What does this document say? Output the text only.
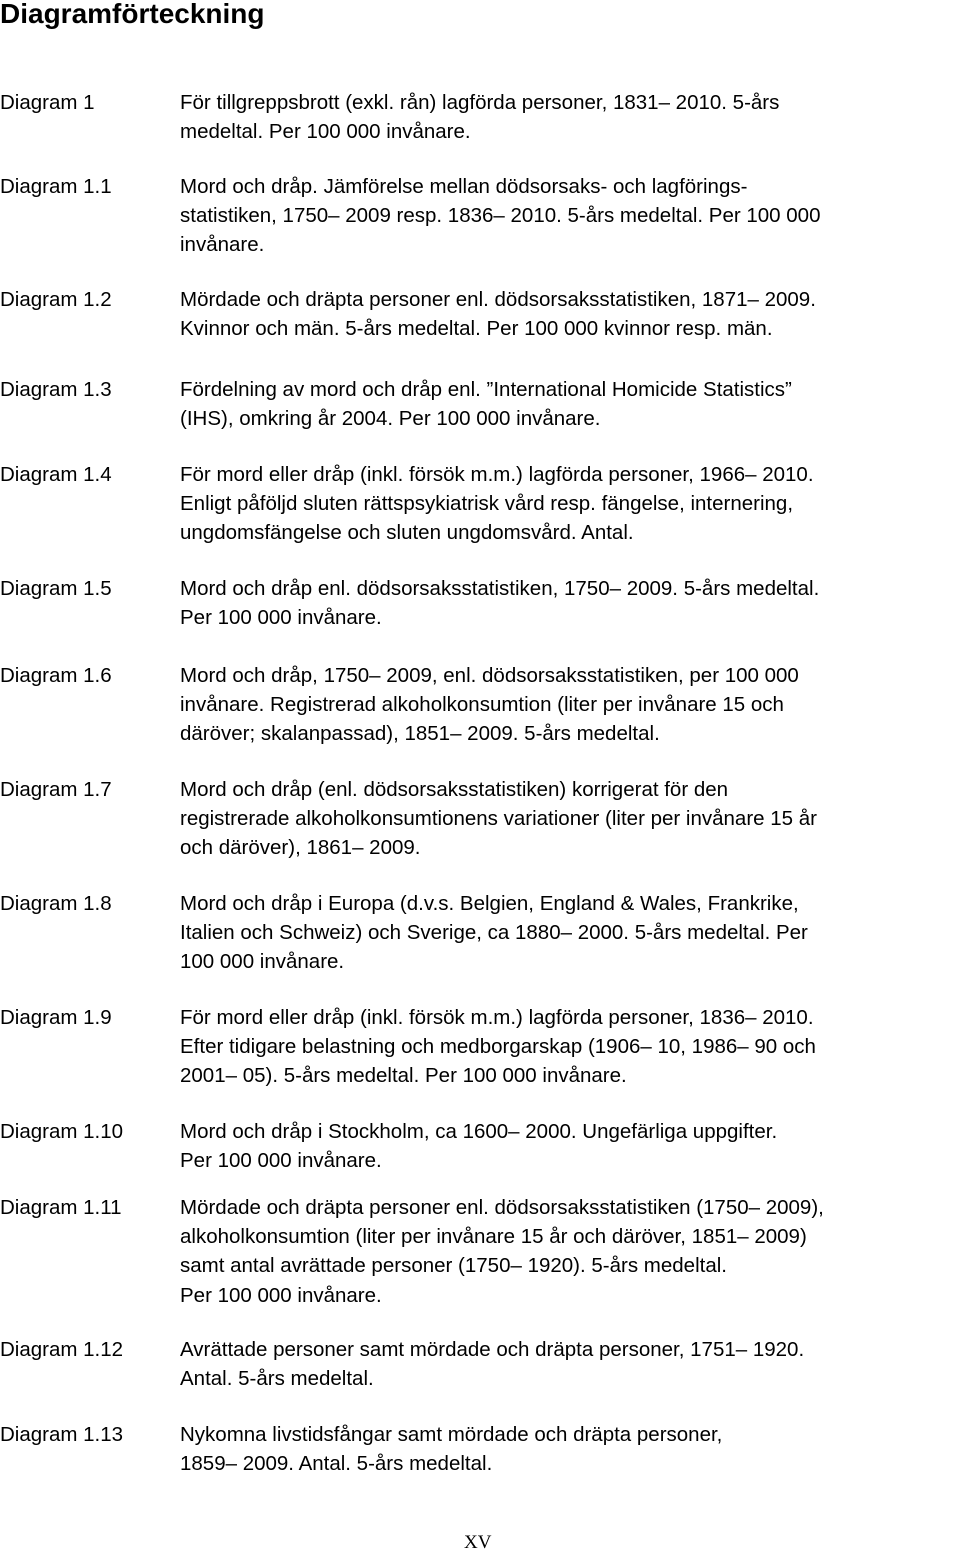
Diagramförteckning
Diagram 1	För tillgreppsbrott (exkl. rån) lagförda personer, 1831– 2010. 5-års
medeltal. Per 100 000 invånare.
Diagram 1.1	Mord och dråp. Jämförelse mellan dödsorsaks- och lagförings-
statistiken, 1750– 2009 resp. 1836– 2010. 5-års medeltal. Per 100 000
invånare.
Diagram 1.2	Mördade och dräpta personer enl. dödsorsaksstatistiken, 1871– 2009.
Kvinnor och män. 5-års medeltal. Per 100 000 kvinnor resp. män.
Diagram 1.3	Fördelning av mord och dråp enl. ”International Homicide Statistics”
(IHS), omkring år 2004. Per 100 000 invånare.
Diagram 1.4	För mord eller dråp (inkl. försök m.m.) lagförda personer, 1966– 2010.
Enligt påföljd sluten rättspsykiatrisk vård resp. fängelse, internering,
ungdomsfängelse och sluten ungdomsvård. Antal.
Diagram 1.5	Mord och dråp enl. dödsorsaksstatistiken, 1750– 2009. 5-års medeltal.
Per 100 000 invånare.
Diagram 1.6	Mord och dråp, 1750– 2009, enl. dödsorsaksstatistiken, per 100 000
invånare. Registrerad alkoholkonsumtion (liter per invånare 15 och
däröver; skalanpassad), 1851– 2009. 5-års medeltal.
Diagram 1.7	Mord och dråp (enl. dödsorsaksstatistiken) korrigerat för den
registrerade alkoholkonsumtionens variationer (liter per invånare 15 år
och däröver), 1861– 2009.
Diagram 1.8	Mord och dråp i Europa (d.v.s. Belgien, England & Wales, Frankrike,
Italien och Schweiz) och Sverige, ca 1880– 2000. 5-års medeltal. Per
100 000 invånare.
Diagram 1.9	För mord eller dråp (inkl. försök m.m.) lagförda personer, 1836– 2010.
Efter tidigare belastning och medborgarskap (1906– 10, 1986– 90 och
2001– 05). 5-års medeltal. Per 100 000 invånare.
Diagram 1.10	Mord och dråp i Stockholm, ca 1600– 2000. Ungefärliga uppgifter.
Per 100 000 invånare.
Diagram 1.11	Mördade och dräpta personer enl. dödsorsaksstatistiken (1750– 2009),
alkoholkonsumtion (liter per invånare 15 år och däröver, 1851– 2009)
samt antal avrättade personer (1750– 1920). 5-års medeltal.
Per 100 000 invånare.
Diagram 1.12	Avrättade personer samt mördade och dräpta personer, 1751– 1920.
Antal. 5-års medeltal.
Diagram 1.13	Nykomna livstidsfångar samt mördade och dräpta personer,
1859– 2009. Antal. 5-års medeltal.
XV
